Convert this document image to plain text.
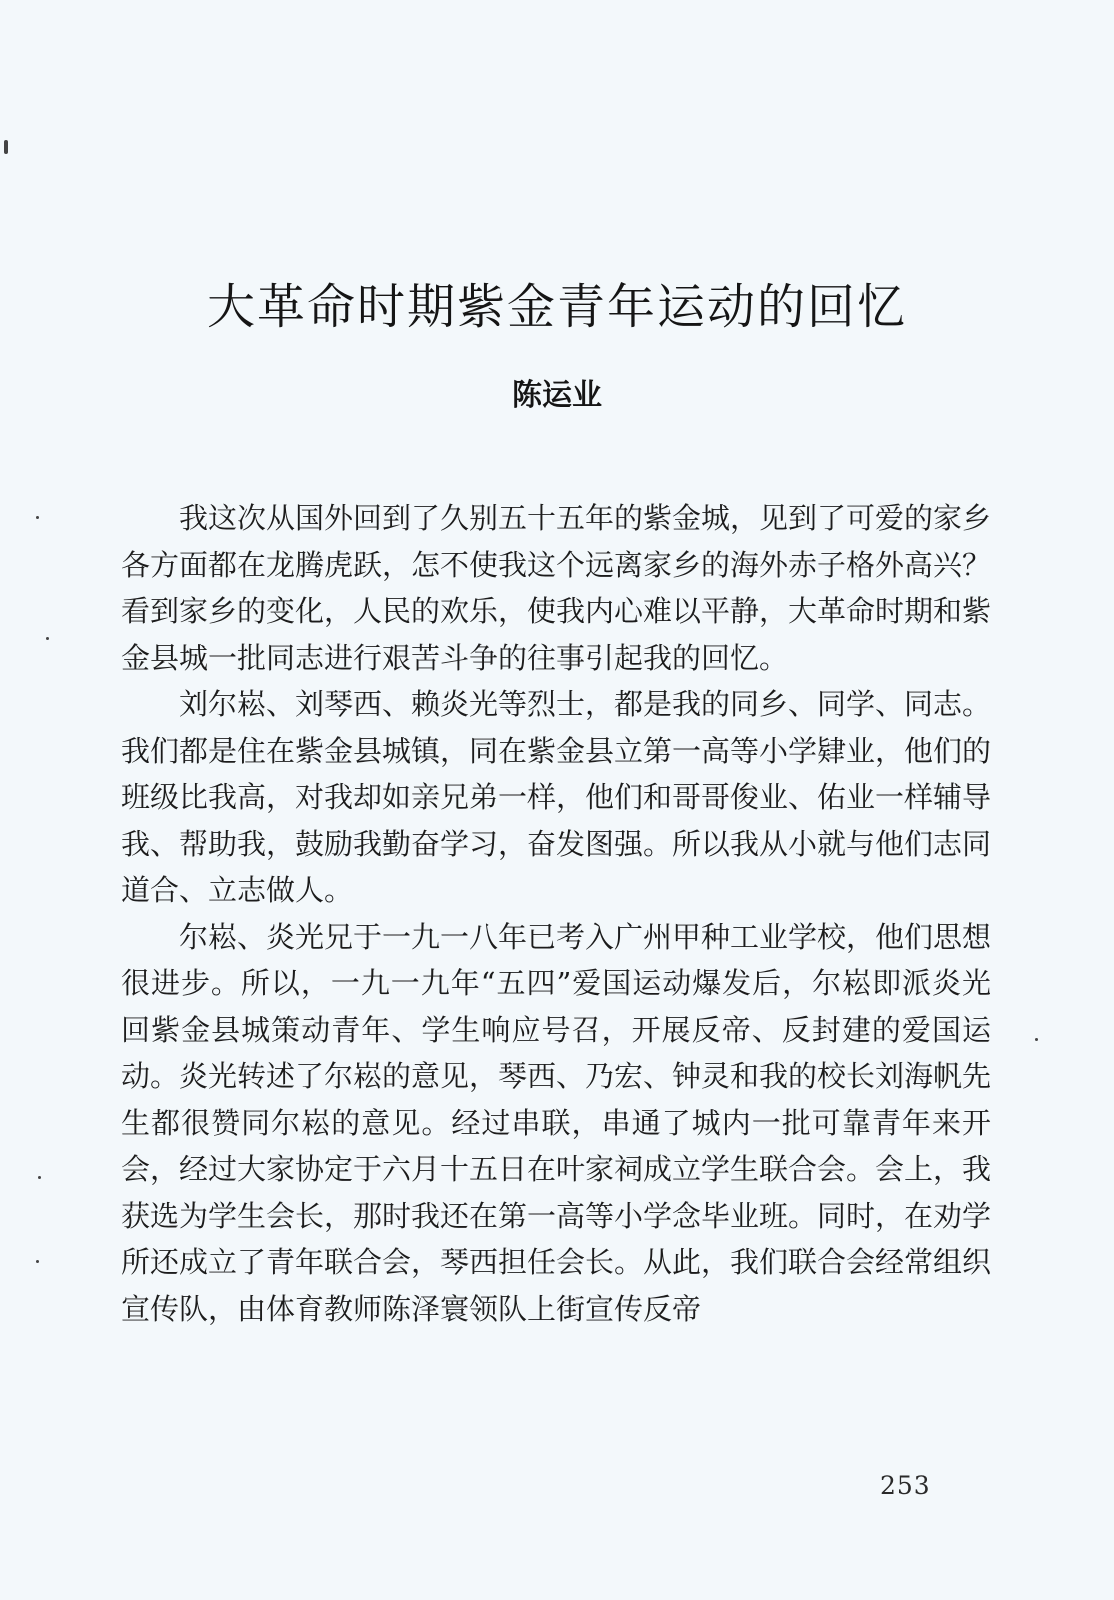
大革命时期紫金青年运动的回忆
陈运业

我这次从国外回到了久别五十五年的紫金城，见到了可爱的家乡各方面都在龙腾虎跃，怎不使我这个远离家乡的海外赤子格外高兴？看到家乡的变化，人民的欢乐，使我内心难以平静，大革命时期和紫金县城一批同志进行艰苦斗争的往事引起我的回忆。

刘尔崧、刘琴西、赖炎光等烈士，都是我的同乡、同学、同志。我们都是住在紫金县城镇，同在紫金县立第一高等小学肄业，他们的班级比我高，对我却如亲兄弟一样，他们和哥哥俊业、佑业一样辅导我、帮助我，鼓励我勤奋学习，奋发图强。所以我从小就与他们志同道合、立志做人。

尔崧、炎光兄于一九一八年已考入广州甲种工业学校，他们思想很进步。所以，一九一九年“五四”爱国运动爆发后，尔崧即派炎光回紫金县城策动青年、学生响应号召，开展反帝、反封建的爱国运动。炎光转述了尔崧的意见，琴西、乃宏、钟灵和我的校长刘海帆先生都很赞同尔崧的意见。经过串联，串通了城内一批可靠青年来开会，经过大家协定于六月十五日在叶家祠成立学生联合会。会上，我获选为学生会长，那时我还在第一高等小学念毕业班。同时，在劝学所还成立了青年联合会，琴西担任会长。从此，我们联合会经常组织宣传队，由体育教师陈泽寰领队上街宣传反帝

253
